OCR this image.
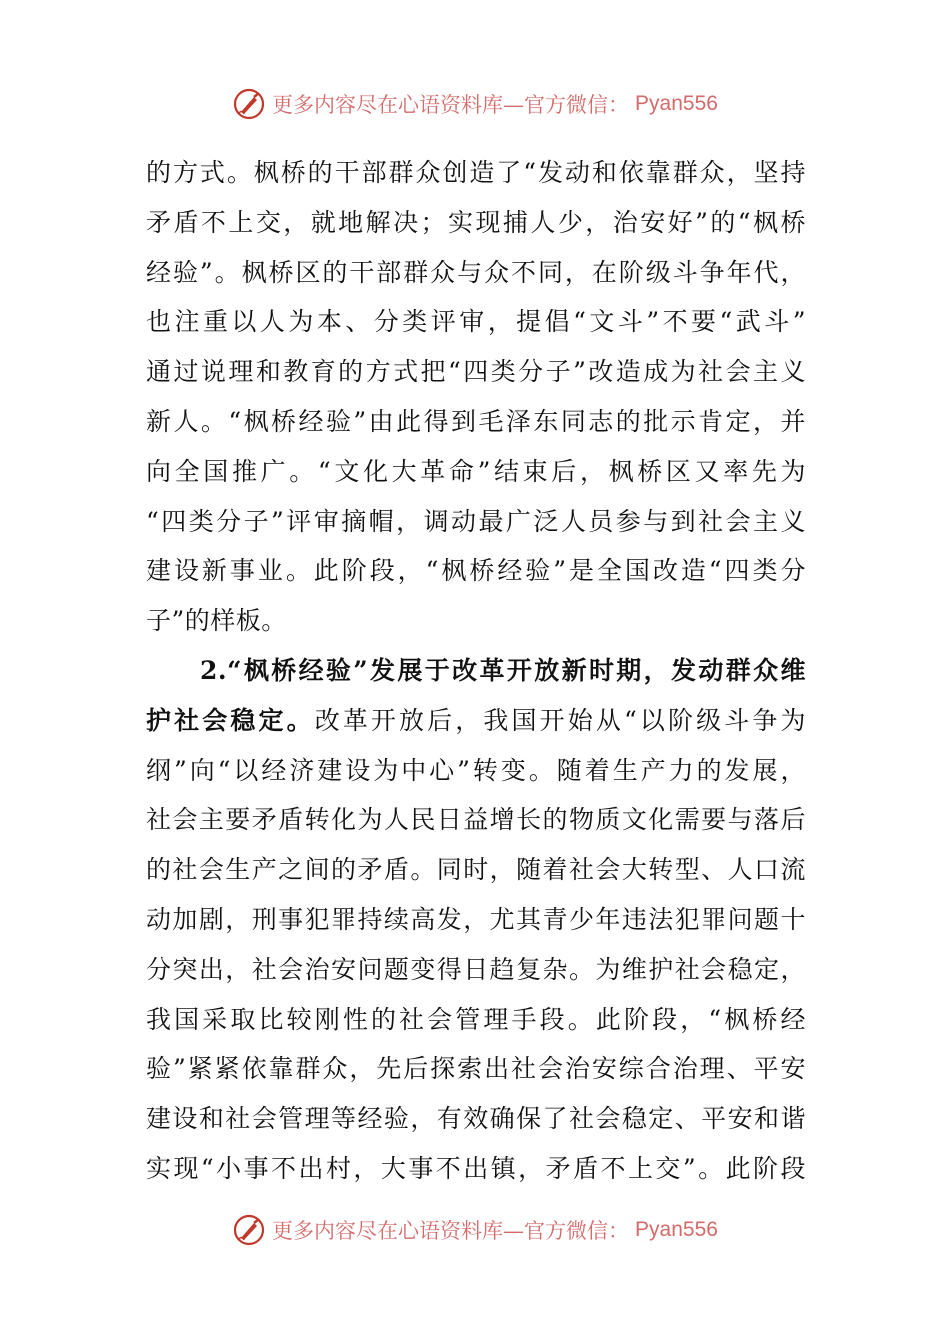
更多内容尽在心语资料库—官方微信： Pyan556
的方式。枫桥的干部群众创造了“发动和依靠群众，坚持
矛盾不上交，就地解决；实现捕人少，治安好”的“枫桥
经验”。枫桥区的干部群众与众不同，在阶级斗争年代，
也注重以人为本、分类评审，提倡“文斗”不要“武斗”
通过说理和教育的方式把“四类分子”改造成为社会主义
新人。“枫桥经验”由此得到毛泽东同志的批示肯定，并
向全国推广。“文化大革命”结束后，枫桥区又率先为
“四类分子”评审摘帽，调动最广泛人员参与到社会主义
建设新事业。此阶段，“枫桥经验”是全国改造“四类分
子”的样板。
2.“枫桥经验”发展于改革开放新时期，发动群众维
护社会稳定。改革开放后，我国开始从“以阶级斗争为
纲”向“以经济建设为中心”转变。随着生产力的发展，
社会主要矛盾转化为人民日益增长的物质文化需要与落后
的社会生产之间的矛盾。同时，随着社会大转型、人口流
动加剧，刑事犯罪持续高发，尤其青少年违法犯罪问题十
分突出，社会治安问题变得日趋复杂。为维护社会稳定，
我国采取比较刚性的社会管理手段。此阶段，“枫桥经
验”紧紧依靠群众，先后探索出社会治安综合治理、平安
建设和社会管理等经验，有效确保了社会稳定、平安和谐
实现“小事不出村，大事不出镇，矛盾不上交”。此阶段
更多内容尽在心语资料库—官方微信： Pyan556
